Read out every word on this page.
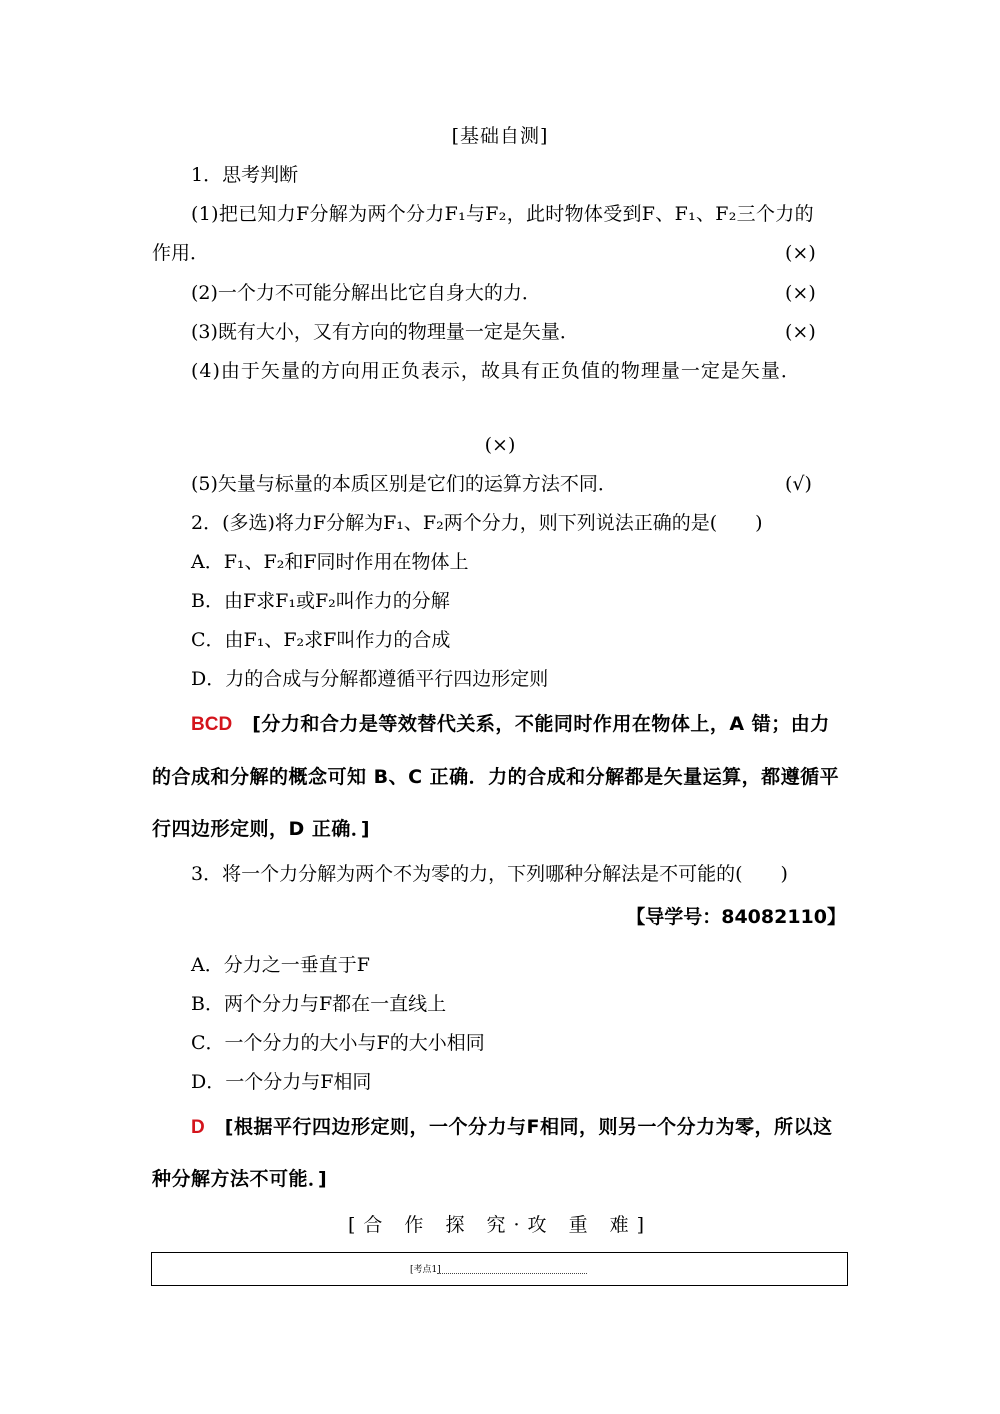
[基础自测]
1．思考判断
(1)把已知力F分解为两个分力F₁与F₂，此时物体受到F、F₁、F₂三个力的
作用．	(×)
(2)一个力不可能分解出比它自身大的力．	(×)
(3)既有大小，又有方向的物理量一定是矢量．	(×)
(4)由于矢量的方向用正负表示，故具有正负值的物理量一定是矢量．
(×)
(5)矢量与标量的本质区别是它们的运算方法不同．	(√)
2．(多选)将力F分解为F₁、F₂两个分力，则下列说法正确的是(　　)
A．F₁、F₂和F同时作用在物体上
B．由F求F₁或F₂叫作力的分解
C．由F₁、F₂求F叫作力的合成
D．力的合成与分解都遵循平行四边形定则
BCD [分力和合力是等效替代关系，不能同时作用在物体上，A 错；由力
的合成和分解的概念可知 B、C 正确．力的合成和分解都是矢量运算，都遵循平
行四边形定则，D 正确．]
3．将一个力分解为两个不为零的力，下列哪种分解法是不可能的(　　)
【导学号：84082110】
A．分力之一垂直于F
B．两个分力与F都在一直线上
C．一个分力的大小与F的大小相同
D．一个分力与F相同
D [根据平行四边形定则，一个分力与F相同，则另一个分力为零，所以这
种分解方法不可能．]
[合 作 探 究·攻 重 难]
[考点1]
